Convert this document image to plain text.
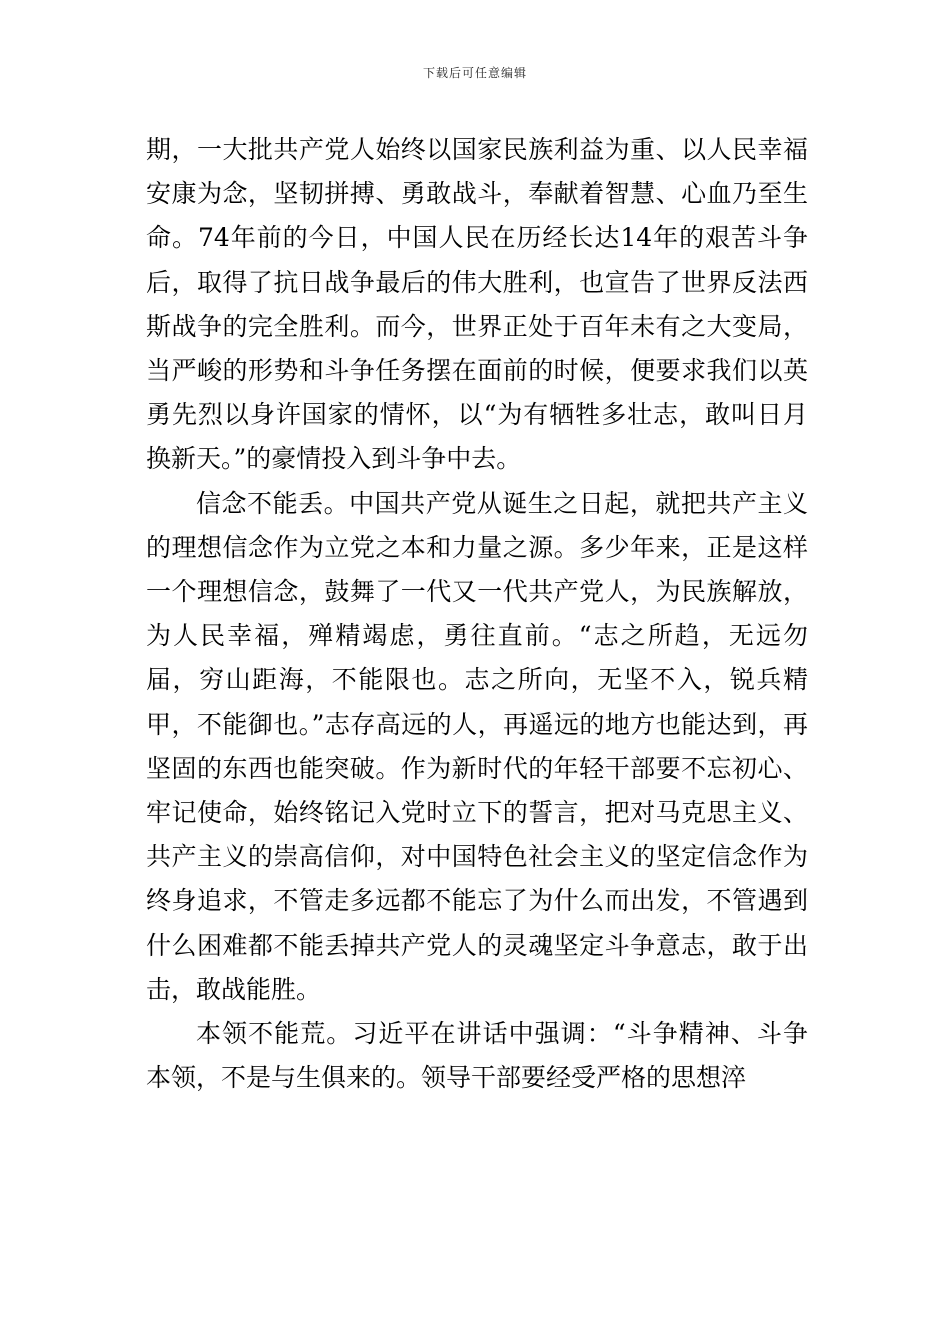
下载后可任意编辑

期，一大批共产党人始终以国家民族利益为重、以人民幸福安康为念，坚韧拼搏、勇敢战斗，奉献着智慧、心血乃至生命。74年前的今日，中国人民在历经长达14年的艰苦斗争后，取得了抗日战争最后的伟大胜利，也宣告了世界反法西斯战争的完全胜利。而今，世界正处于百年未有之大变局，当严峻的形势和斗争任务摆在面前的时候，便要求我们以英勇先烈以身许国家的情怀，以“为有牺牲多壮志，敢叫日月换新天。”的豪情投入到斗争中去。

信念不能丢。中国共产党从诞生之日起，就把共产主义的理想信念作为立党之本和力量之源。多少年来，正是这样一个理想信念，鼓舞了一代又一代共产党人，为民族解放，为人民幸福，殚精竭虑，勇往直前。“志之所趋，无远勿届，穷山距海，不能限也。志之所向，无坚不入，锐兵精甲，不能御也。”志存高远的人，再遥远的地方也能达到，再坚固的东西也能突破。作为新时代的年轻干部要不忘初心、牢记使命，始终铭记入党时立下的誓言，把对马克思主义、共产主义的崇高信仰，对中国特色社会主义的坚定信念作为终身追求，不管走多远都不能忘了为什么而出发，不管遇到什么困难都不能丢掉共产党人的灵魂坚定斗争意志，敢于出击，敢战能胜。

本领不能荒。习近平在讲话中强调：“斗争精神、斗争本领，不是与生俱来的。领导干部要经受严格的思想淬
